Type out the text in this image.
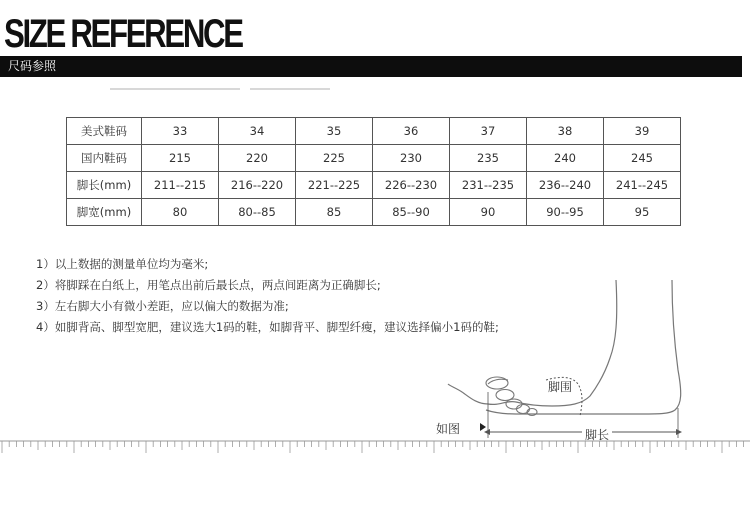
SIZE REFERENCE
尺码参照
美式鞋码	33	34	35	36	37	38	39
国内鞋码	215	220	225	230	235	240	245
脚长(mm)	211--215	216--220	221--225	226--230	231--235	236--240	241--245
脚宽(mm)	80	80--85	85	85--90	90	90--95	95
1）以上数据的测量单位均为毫米;
2）将脚踩在白纸上，用笔点出前后最长点，两点间距离为正确脚长;
3）左右脚大小有微小差距，应以偏大的数据为准;
4）如脚背高、脚型宽肥，建议选大1码的鞋，如脚背平、脚型纤瘦，建议选择偏小1码的鞋;
如图
脚围
脚长
